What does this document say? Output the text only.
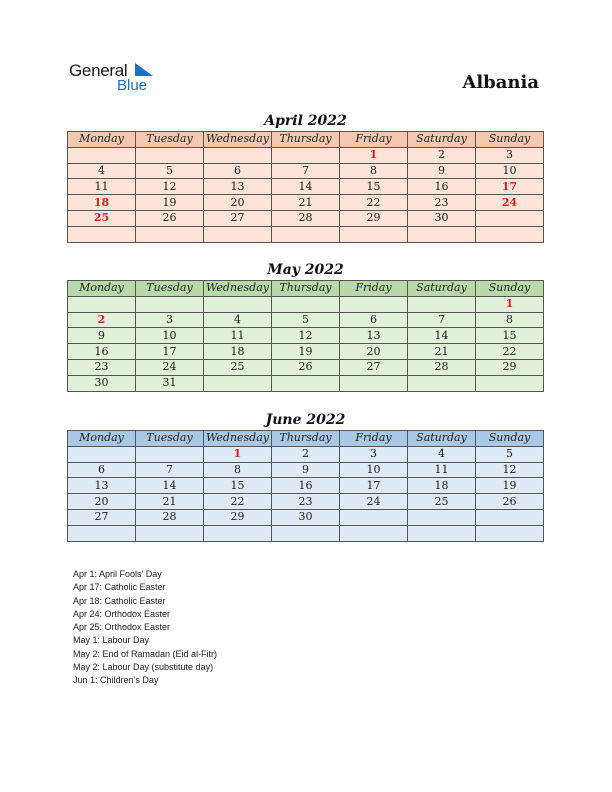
General
Blue	Albania
April 2022
Monday	Tuesday	Wednesday	Thursday	Friday	Saturday	Sunday
				1	2	3
4	5	6	7	8	9	10
11	12	13	14	15	16	17
18	19	20	21	22	23	24
25	26	27	28	29	30	

May 2022
Monday	Tuesday	Wednesday	Thursday	Friday	Saturday	Sunday
						1
2	3	4	5	6	7	8
9	10	11	12	13	14	15
16	17	18	19	20	21	22
23	24	25	26	27	28	29
30	31					
June 2022
Monday	Tuesday	Wednesday	Thursday	Friday	Saturday	Sunday
		1	2	3	4	5
6	7	8	9	10	11	12
13	14	15	16	17	18	19
20	21	22	23	24	25	26
27	28	29	30			

Apr 1: April Fools’ Day
Apr 17: Catholic Easter
Apr 18: Catholic Easter
Apr 24: Orthodox Easter
Apr 25: Orthodox Easter
May 1: Labour Day
May 2: End of Ramadan (Eid al-Fitr)
May 2: Labour Day (substitute day)
Jun 1: Children’s Day
